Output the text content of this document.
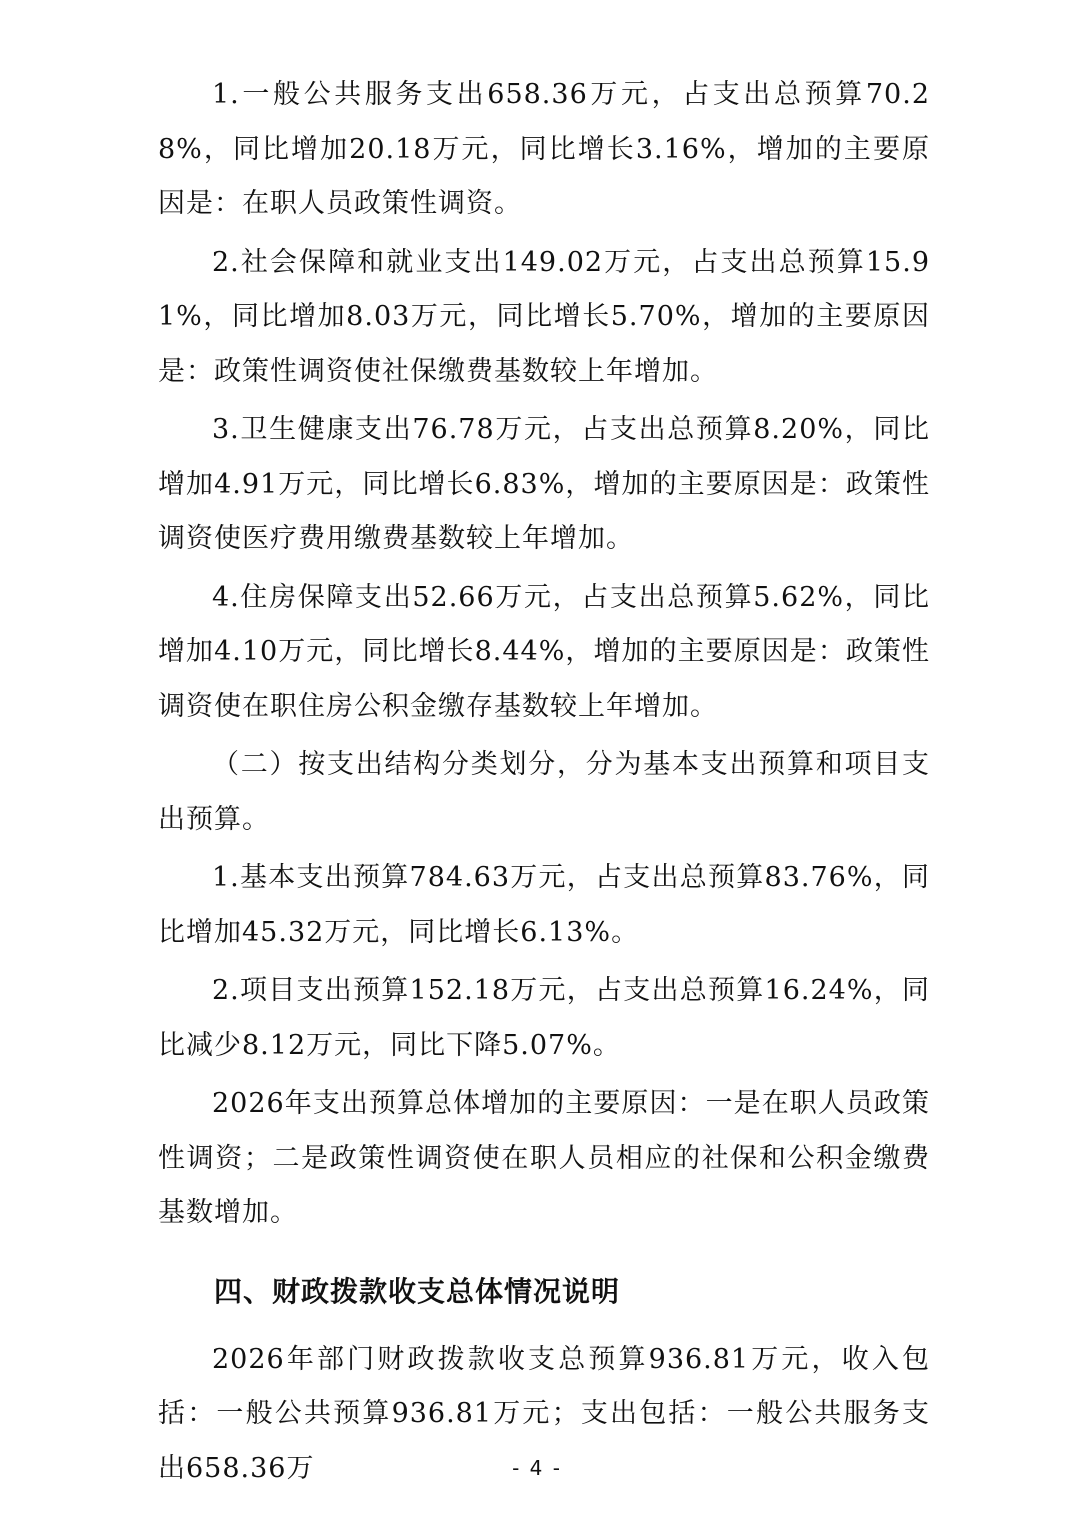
1.一般公共服务支出658.36万元，占支出总预算70.28%，同比增加20.18万元，同比增长3.16%，增加的主要原因是：在职人员政策性调资。

2.社会保障和就业支出149.02万元，占支出总预算15.91%，同比增加8.03万元，同比增长5.70%，增加的主要原因是：政策性调资使社保缴费基数较上年增加。

3.卫生健康支出76.78万元，占支出总预算8.20%，同比增加4.91万元，同比增长6.83%，增加的主要原因是：政策性调资使医疗费用缴费基数较上年增加。

4.住房保障支出52.66万元，占支出总预算5.62%，同比增加4.10万元，同比增长8.44%，增加的主要原因是：政策性调资使在职住房公积金缴存基数较上年增加。

（二）按支出结构分类划分，分为基本支出预算和项目支出预算。

1.基本支出预算784.63万元，占支出总预算83.76%，同比增加45.32万元，同比增长6.13%。

2.项目支出预算152.18万元，占支出总预算16.24%，同比减少8.12万元，同比下降5.07%。

2026年支出预算总体增加的主要原因：一是在职人员政策性调资；二是政策性调资使在职人员相应的社保和公积金缴费基数增加。

四、财政拨款收支总体情况说明

2026年部门财政拨款收支总预算936.81万元，收入包括：一般公共预算936.81万元；支出包括：一般公共服务支出658.36万	- 4 -
